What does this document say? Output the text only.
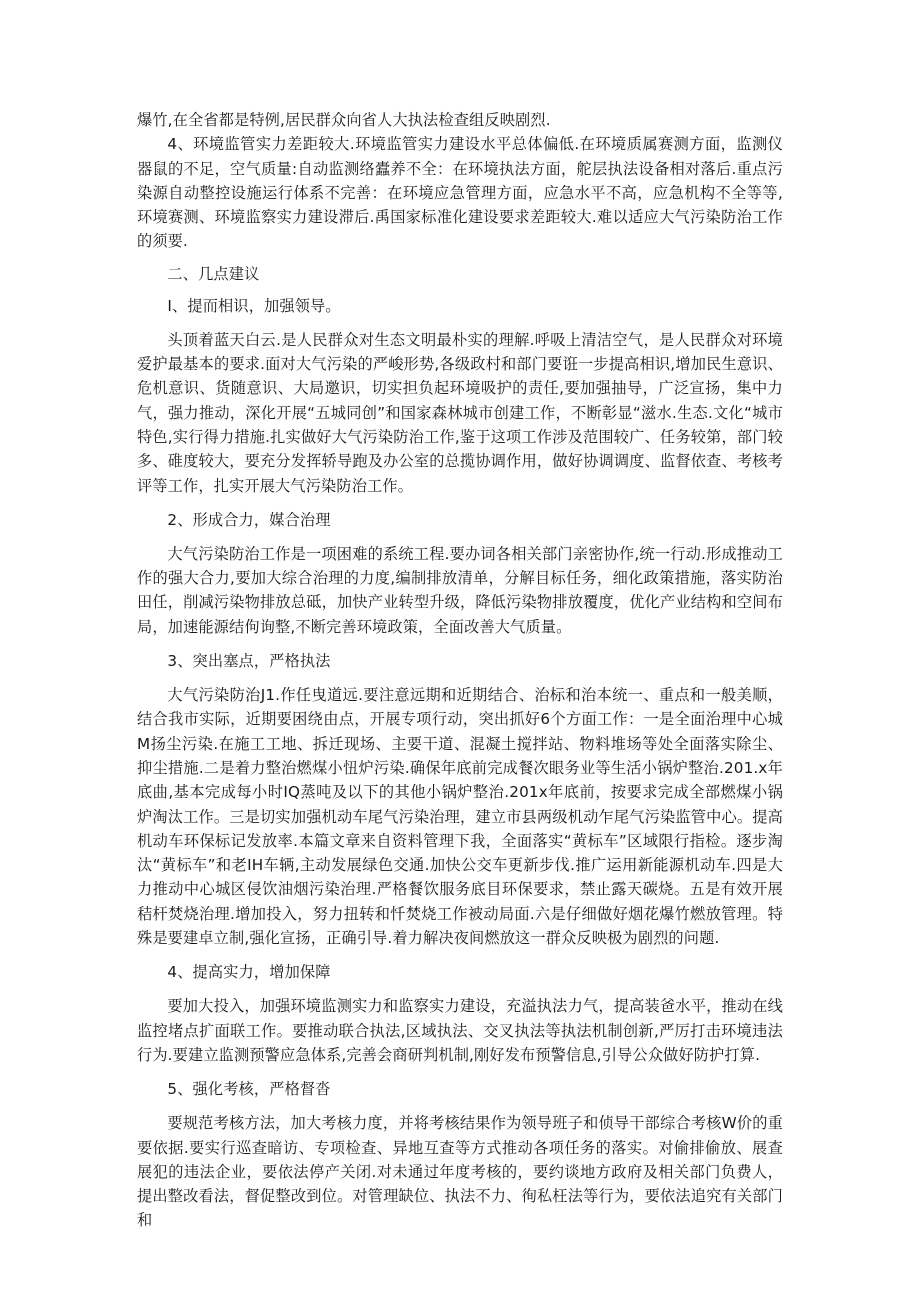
爆竹,在全省都是特例,居民群众向省人大执法检查组反映剧烈.

4、环境监管实力差距较大.环境监管实力建设水平总体偏低.在环境质属赛测方面，监测仪器鼠的不足，空气质量:自动监测络蠹养不全：在环境执法方面，舵层执法设备相对落后.重点污染源自动整控设施运行体系不完善：在环境应急管理方面，应急水平不高，应急机构不全等等,环境赛测、环境监察实力建设滞后.禹国家标准化建设要求差距较大.难以适应大气污染防治工作的须要.

二、几点建议

I、提而相识，加强领导。

头顶着蓝天白云.是人民群众对生态文明最朴实的理解.呼吸上清洁空气，是人民群众对环境爱护最基本的要求.面对大气污染的严峻形势,各级政村和部门要诳一步提高相识,增加民生意识、危机意识、货随意识、大局邀识，切实担负起环境吸护的责任,要加强抽导，广泛宣扬，集中力气，强力推动，深化开展“五城同创”和国家森林城市创建工作，不断彰显“滋水.生态.文化“城市特色,实行得力措施.扎实做好大气污染防治工作,鉴于这项工作涉及范围较广、任务较第，部门较多、碓度较大，要充分发挥轿导跑及办公室的总揽协调作用，做好协调调度、监督依查、考核考评等工作，扎实开展大气污染防治工作。

2、形成合力，媒合治理

大气污染防治工作是一项困难的系统工程.要办词各相关部门亲密协作,统一行动.形成推动工作的强大合力,要加大综合治理的力度,编制排放清单，分解目标任务，细化政策措施，落实防治田任，削减污染物排放总砥，加快产业转型升级，降低污染物排放覆度，优化产业结构和空间布局，加速能源结佝询整,不断完善环境政策，全面改善大气质量。

3、突出塞点，严格执法

大气污染防治J1.作任曳道远.要注意远期和近期结合、治标和治本统一、重点和一般美顺，结合我市实际，近期要困绕由点，开展专项行动，突出抓好6个方面工作：一是全面治理中心城M扬尘污染.在施工工地、拆迁现场、主要干道、混凝土搅拌站、物料堆场等处全面落实除尘、抑尘措施.二是着力整治燃煤小忸炉污染.确保年底前完成餐次眼务业等生活小锅炉整治.201.x年底曲,基本完成每小时IQ蒸吨及以下的其他小锅炉整治.201x年底前，按要求完成全部燃煤小锅炉淘汰工作。三是切实加强机动车尾气污染治理，建立市县两级机动乍尾气污染监管中心。提高机动车环保标记发放率.本篇文章来自资料管理下我，全面落实“黄标车”区域限行指检。逐步淘汰“黄标车”和老IH车辆,主动发展绿色交通.加快公交车更新步伐.推广运用新能源机动车.四是大力推动中心城区侵饮油烟污染治理.严格餐饮服务底目环保要求，禁止露天碳烧。五是有效开展秸杆焚烧治理.增加投入，努力扭转和忏焚烧工作被动局面.六是仔细做好烟花爆竹燃放管理。特殊是要建卓立制,强化宣扬，正确引导.着力解决夜间燃放这一群众反映极为剧烈的问题.

4、提高实力，增加保障

要加大投入，加强环境监测实力和监察实力建设，充溢执法力气，提高装爸水平，推动在线监控堵点扩面联工作。要推动联合执法,区域执法、交叉执法等执法机制创新,严厉打击环境违法行为.要建立监测预警应急体系,完善会商研判机制,刚好发布预警信息,引导公众做好防护打算.

5、强化考核，严格督沓

要规范考核方法，加大考核力度，并将考核结果作为领导班子和侦导干部综合考核W价的重要依据.要实行巡查暗访、专项检查、异地互查等方式推动各项任务的落实。对偷排偷放、展查展犯的违法企业，要依法停产关闭.对未通过年度考核的，要约谈地方政府及相关部门负费人，提出整改看法，督促整改到位。对管理缺位、执法不力、徇私枉法等行为，要依法追究有关部门和
